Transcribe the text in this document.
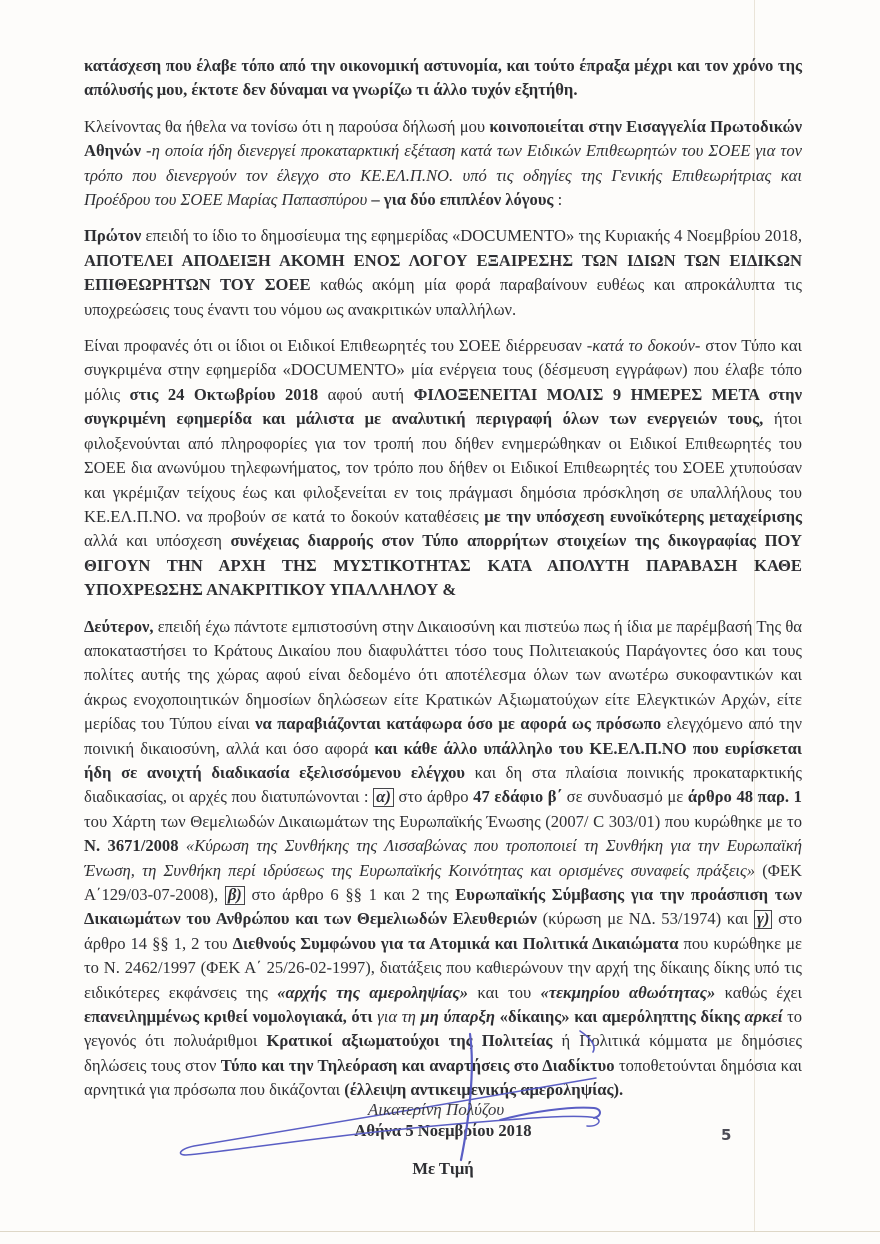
κατάσχεση που έλαβε τόπο από την οικονομική αστυνομία, και τούτο έπραξα μέχρι και τον χρόνο της απόλυσής μου, έκτοτε δεν δύναμαι να γνωρίζω τι άλλο τυχόν εξητήθη.

Κλείνοντας θα ήθελα να τονίσω ότι η παρούσα δήλωσή μου κοινοποιείται στην Εισαγγελία Πρωτοδικών Αθηνών -η οποία ήδη διενεργεί προκαταρκτική εξέταση κατά των Ειδικών Επιθεωρητών του ΣΟΕΕ για τον τρόπο που διενεργούν τον έλεγχο στο ΚΕ.ΕΛ.Π.ΝΟ. υπό τις οδηγίες της Γενικής Επιθεωρήτριας και Προέδρου του ΣΟΕΕ Μαρίας Παπασπύρου – για δύο επιπλέον λόγους :

Πρώτον επειδή το ίδιο το δημοσίευμα της εφημερίδας «DOCUMENTO» της Κυριακής 4 Νοεμβρίου 2018, ΑΠΟΤΕΛΕΙ ΑΠΟΔΕΙΞΗ ΑΚΟΜΗ ΕΝΟΣ ΛΟΓΟΥ ΕΞΑΙΡΕΣΗΣ ΤΩΝ ΙΔΙΩΝ ΤΩΝ ΕΙΔΙΚΩΝ ΕΠΙΘΕΩΡΗΤΩΝ ΤΟΥ ΣΟΕΕ καθώς ακόμη μία φορά παραβαίνουν ευθέως και απροκάλυπτα τις υποχρεώσεις τους έναντι του νόμου ως ανακριτικών υπαλλήλων.

Είναι προφανές ότι οι ίδιοι οι Ειδικοί Επιθεωρητές του ΣΟΕΕ διέρρευσαν -κατά το δοκούν- στον Τύπο και συγκριμένα στην εφημερίδα «DOCUMENTO» μία ενέργεια τους (δέσμευση εγγράφων) που έλαβε τόπο μόλις στις 24 Οκτωβρίου 2018 αφού αυτή ΦΙΛΟΞΕΝΕΙΤΑΙ ΜΟΛΙΣ 9 ΗΜΕΡΕΣ ΜΕΤΑ στην συγκριμένη εφημερίδα και μάλιστα με αναλυτική περιγραφή όλων των ενεργειών τους, ήτοι φιλοξενούνται από πληροφορίες για τον τροπή που δήθεν ενημερώθηκαν οι Ειδικοί Επιθεωρητές του ΣΟΕΕ δια ανωνύμου τηλεφωνήματος, τον τρόπο που δήθεν οι Ειδικοί Επιθεωρητές του ΣΟΕΕ χτυπούσαν και γκρέμιζαν τείχους έως και φιλοξενείται εν τοις πράγμασι δημόσια πρόσκληση σε υπαλλήλους του ΚΕ.ΕΛ.Π.ΝΟ. να προβούν σε κατά το δοκούν καταθέσεις με την υπόσχεση ευνοϊκότερης μεταχείρισης αλλά και υπόσχεση συνέχειας διαρροής στον Τύπο απορρήτων στοιχείων της δικογραφίας ΠΟΥ ΘΙΓΟΥΝ ΤΗΝ ΑΡΧΗ ΤΗΣ ΜΥΣΤΙΚΟΤΗΤΑΣ ΚΑΤΑ ΑΠΟΛΥΤΗ ΠΑΡΑΒΑΣΗ ΚΑΘΕ ΥΠΟΧΡΕΩΣΗΣ ΑΝΑΚΡΙΤΙΚΟΥ ΥΠΑΛΛΗΛΟΥ &

Δεύτερον, επειδή έχω πάντοτε εμπιστοσύνη στην Δικαιοσύνη και πιστεύω πως ή ίδια με παρέμβασή Της θα αποκαταστήσει το Κράτους Δικαίου που διαφυλάττει τόσο τους Πολιτειακούς Παράγοντες όσο και τους πολίτες αυτής της χώρας αφού είναι δεδομένο ότι αποτέλεσμα όλων των ανωτέρω συκοφαντικών και άκρως ενοχοποιητικών δημοσίων δηλώσεων είτε Κρατικών Αξιωματούχων είτε Ελεγκτικών Αρχών, είτε μερίδας του Τύπου είναι να παραβιάζονται κατάφωρα όσο με αφορά ως πρόσωπο ελεγχόμενο από την ποινική δικαιοσύνη, αλλά και όσο αφορά και κάθε άλλο υπάλληλο του ΚΕ.ΕΛ.Π.ΝΟ που ευρίσκεται ήδη σε ανοιχτή διαδικασία εξελισσόμενου ελέγχου και δη στα πλαίσια ποινικής προκαταρκτικής διαδικασίας, οι αρχές που διατυπώνονται : α) στο άρθρο 47 εδάφιο β΄ σε συνδυασμό με άρθρο 48 παρ. 1 του Χάρτη των Θεμελιωδών Δικαιωμάτων της Ευρωπαϊκής Ένωσης (2007/ C 303/01) που κυρώθηκε με το Ν. 3671/2008 «Κύρωση της Συνθήκης της Λισσαβώνας που τροποποιεί τη Συνθήκη για την Ευρωπαϊκή Ένωση, τη Συνθήκη περί ιδρύσεως της Ευρωπαϊκής Κοινότητας και ορισμένες συναφείς πράξεις» (ΦΕΚ Α΄129/03-07-2008), β) στο άρθρο 6 §§ 1 και 2 της Ευρωπαϊκής Σύμβασης για την προάσπιση των Δικαιωμάτων του Ανθρώπου και των Θεμελιωδών Ελευθεριών (κύρωση με ΝΔ. 53/1974) και γ) στο άρθρο 14 §§ 1, 2 του Διεθνούς Συμφώνου για τα Ατομικά και Πολιτικά Δικαιώματα που κυρώθηκε με το Ν. 2462/1997 (ΦΕΚ Α΄ 25/26-02-1997), διατάξεις που καθιερώνουν την αρχή της δίκαιης δίκης υπό τις ειδικότερες εκφάνσεις της «αρχής της αμεροληψίας» και του «τεκμηρίου αθωότητας» καθώς έχει επανειλημμένως κριθεί νομολογιακά, ότι για τη μη ύπαρξη «δίκαιης» και αμερόληπτης δίκης αρκεί το γεγονός ότι πολυάριθμοι Κρατικοί αξιωματούχοι της Πολιτείας ή Πολιτικά κόμματα με δημόσιες δηλώσεις τους στον Τύπο και την Τηλεόραση και αναρτήσεις στο Διαδίκτυο τοποθετούνται δημόσια και αρνητικά για πρόσωπα που δικάζονται (έλλειψη αντικειμενικής αμεροληψίας).

Αθήνα 5 Νοεμβρίου 2018
Με Τιμή
Αικατερίνη Πολύζου
5
